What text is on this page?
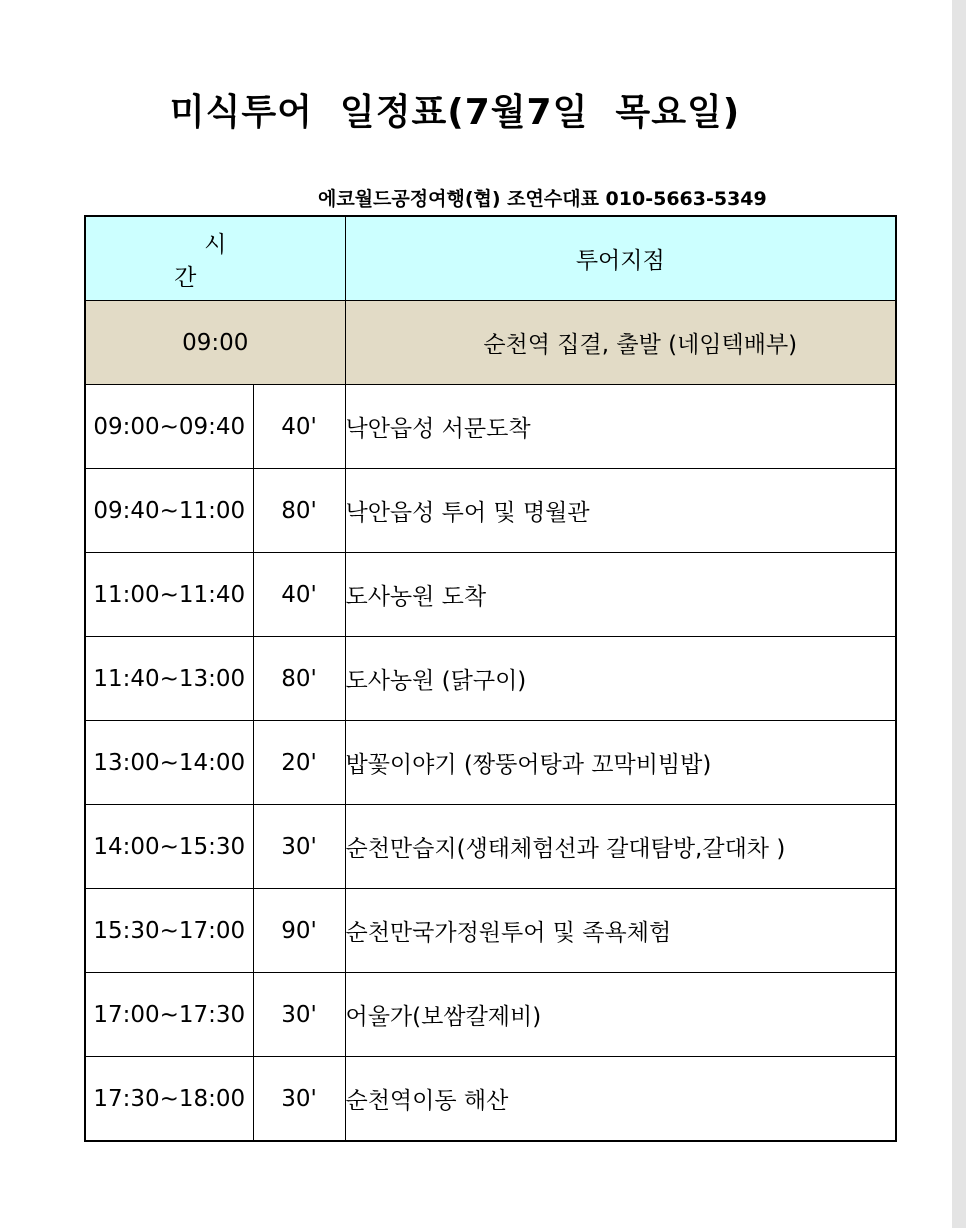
미식투어  일정표(7월7일  목요일)
에코월드공정여행(협) 조연수대표 010-5663-5349
시 간		투어지점
09:00		순천역 집결, 출발 (네임텍배부)
09:00~09:40	40'	낙안읍성 서문도착
09:40~11:00	80'	낙안읍성 투어 및 명월관
11:00~11:40	40'	도사농원 도착
11:40~13:00	80'	도사농원 (닭구이)
13:00~14:00	20'	밥꽃이야기 (짱뚱어탕과 꼬막비빔밥)
14:00~15:30	30'	순천만습지(생태체험선과 갈대탐방,갈대차 )
15:30~17:00	90'	순천만국가정원투어 및 족욕체험
17:00~17:30	30'	어울가(보쌈칼제비)
17:30~18:00	30'	순천역이동 해산
